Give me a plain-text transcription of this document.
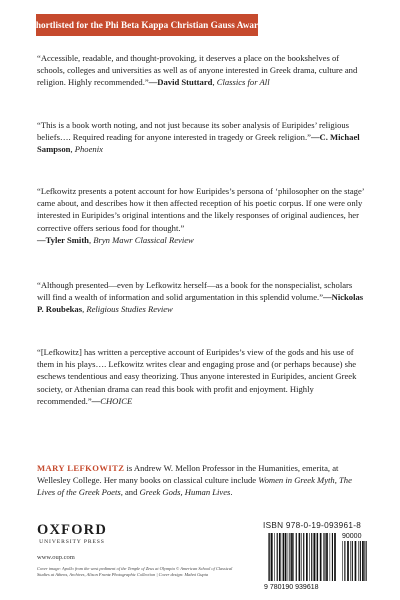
Shortlisted for the Phi Beta Kappa Christian Gauss Award

“Accessible, readable, and thought-provoking, it deserves a place on the bookshelves of schools, colleges and universities as well as of anyone interested in Greek drama, culture and religion. Highly recommended.”—David Stuttard, Classics for All

“This is a book worth noting, and not just because its sober analysis of Euripides’ religious beliefs…. Required reading for anyone interested in tragedy or Greek religion.”—C. Michael Sampson, Phoenix

“Lefkowitz presents a potent account for how Euripides’s persona of ‘philosopher on the stage’ came about, and describes how it then affected reception of his poetic corpus. If one were only interested in Euripides’s original intentions and the likely responses of original audiences, her corrective offers serious food for thought.”
—Tyler Smith, Bryn Mawr Classical Review

“Although presented—even by Lefkowitz herself—as a book for the nonspecialist, scholars will find a wealth of information and solid argumentation in this splendid volume.”—Nickolas P. Roubekas, Religious Studies Review

“[Lefkowitz] has written a perceptive account of Euripides’s view of the gods and his use of them in his plays…. Lefkowitz writes clear and engaging prose and (or perhaps because) she eschews tendentious and easy theorizing. Thus anyone interested in Euripides, ancient Greek society, or Athenian drama can read this book with profit and enjoyment. Highly recommended.”—CHOICE

MARY LEFKOWITZ is Andrew W. Mellon Professor in the Humanities, emerita, at Wellesley College. Her many books on classical culture include Women in Greek Myth, The Lives of the Greek Poets, and Greek Gods, Human Lives.

OXFORD
UNIVERSITY PRESS
www.oup.com
Cover image: Apollo from the west pediment of the Temple of Zeus at Olympia © American School of Classical Studies at Athens, Archives, Alison Frantz Photographic Collection | Cover design: Mahni Gupta
ISBN 978-0-19-093961-8
9 780190 939618
90000
